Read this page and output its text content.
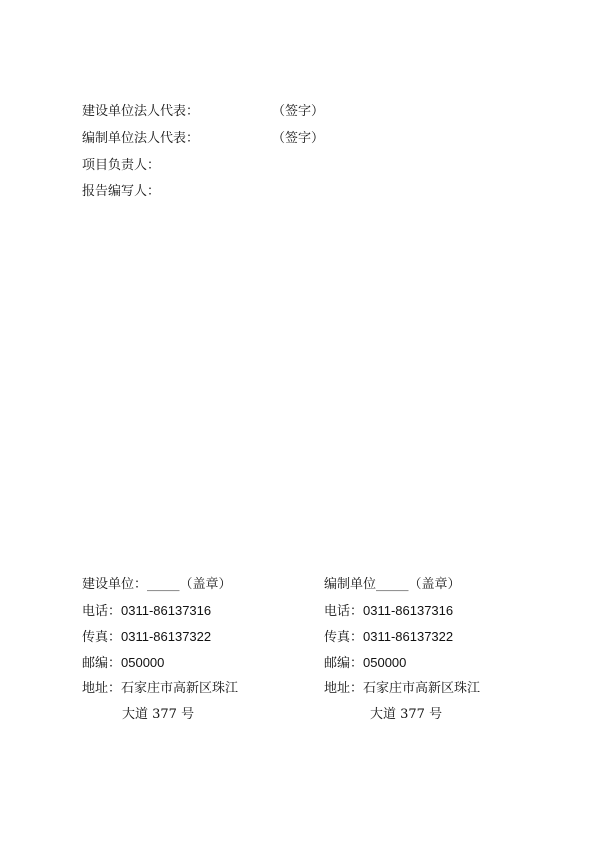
建设单位法人代表：	（签字）
编制单位法人代表：	（签字）
项目负责人：
报告编写人：
建设单位：_____（盖章）
电话：0311-86137316
传真：0311-86137322
邮编：050000
地址：石家庄市高新区珠江
大道 377 号
编制单位_____（盖章）
电话：0311-86137316
传真：0311-86137322
邮编：050000
地址：石家庄市高新区珠江
大道 377 号
